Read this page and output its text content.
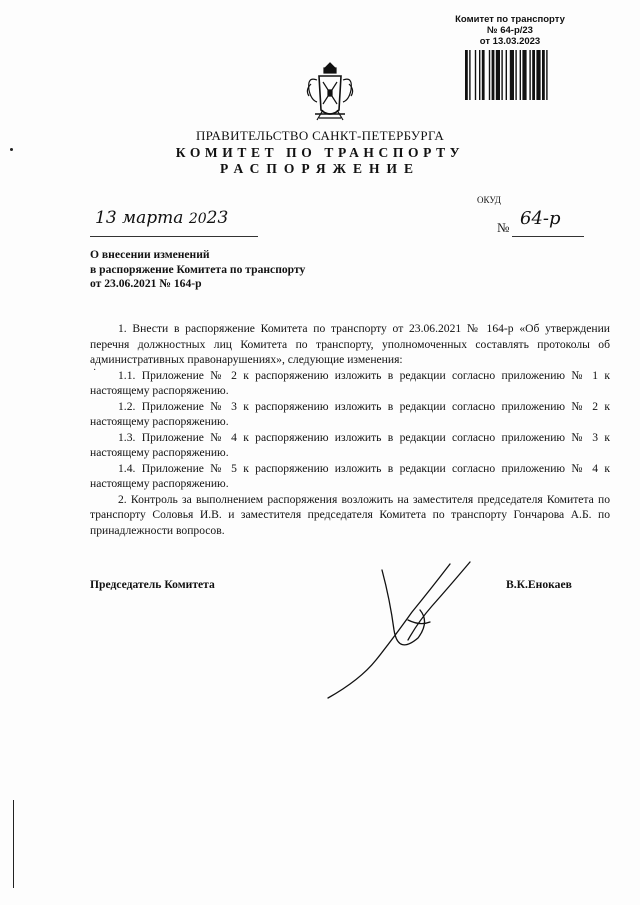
Комитет по транспорту
№ 64-р/23
от 13.03.2023
ПРАВИТЕЛЬСТВО САНКТ-ПЕТЕРБУРГА
КОМИТЕТ ПО ТРАНСПОРТУ
РАСПОРЯЖЕНИЕ
ОКУД
13 марта 2023	№ 64-р
О внесении изменений
в распоряжение Комитета по транспорту
от 23.06.2021 № 164-р
·

1. Внести в распоряжение Комитета по транспорту от 23.06.2021 № 164-р «Об утверждении перечня должностных лиц Комитета по транспорту, уполномоченных составлять протоколы об административных правонарушениях», следующие изменения:

1.1. Приложение № 2 к распоряжению изложить в редакции согласно приложению № 1 к настоящему распоряжению.

1.2. Приложение № 3 к распоряжению изложить в редакции согласно приложению № 2 к настоящему распоряжению.

1.3. Приложение № 4 к распоряжению изложить в редакции согласно приложению № 3 к настоящему распоряжению.

1.4. Приложение № 5 к распоряжению изложить в редакции согласно приложению № 4 к настоящему распоряжению.

2. Контроль за выполнением распоряжения возложить на заместителя председателя Комитета по транспорту Соловья И.В. и заместителя председателя Комитета по транспорту Гончарова А.Б. по принадлежности вопросов.

Председатель Комитета	В.К.Енокаев
